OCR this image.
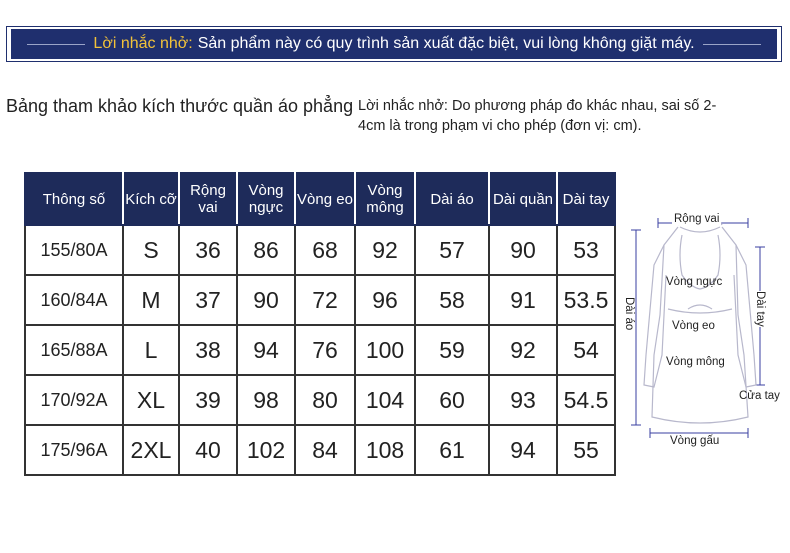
Lời nhắc nhở: Sản phẩm này có quy trình sản xuất đặc biệt, vui lòng không giặt máy.
Bảng tham khảo kích thước quần áo phẳng Lời nhắc nhở: Do phương pháp đo khác nhau, sai số 2-4cm là trong phạm vi cho phép (đơn vị: cm).
Thông số	Kích cỡ	Rộng vai	Vòng ngực	Vòng eo	Vòng mông	Dài áo	Dài quần	Dài tay
155/80A	S	36	86	68	92	57	90	53
160/84A	M	37	90	72	96	58	91	53.5
165/88A	L	38	94	76	100	59	92	54
170/92A	XL	39	98	80	104	60	93	54.5
175/96A	2XL	40	102	84	108	61	94	55
Rộng vai
Vòng ngực
Vòng eo
Vòng mông
Dài áo	Dài tay
Cửa tay
Vòng gấu
